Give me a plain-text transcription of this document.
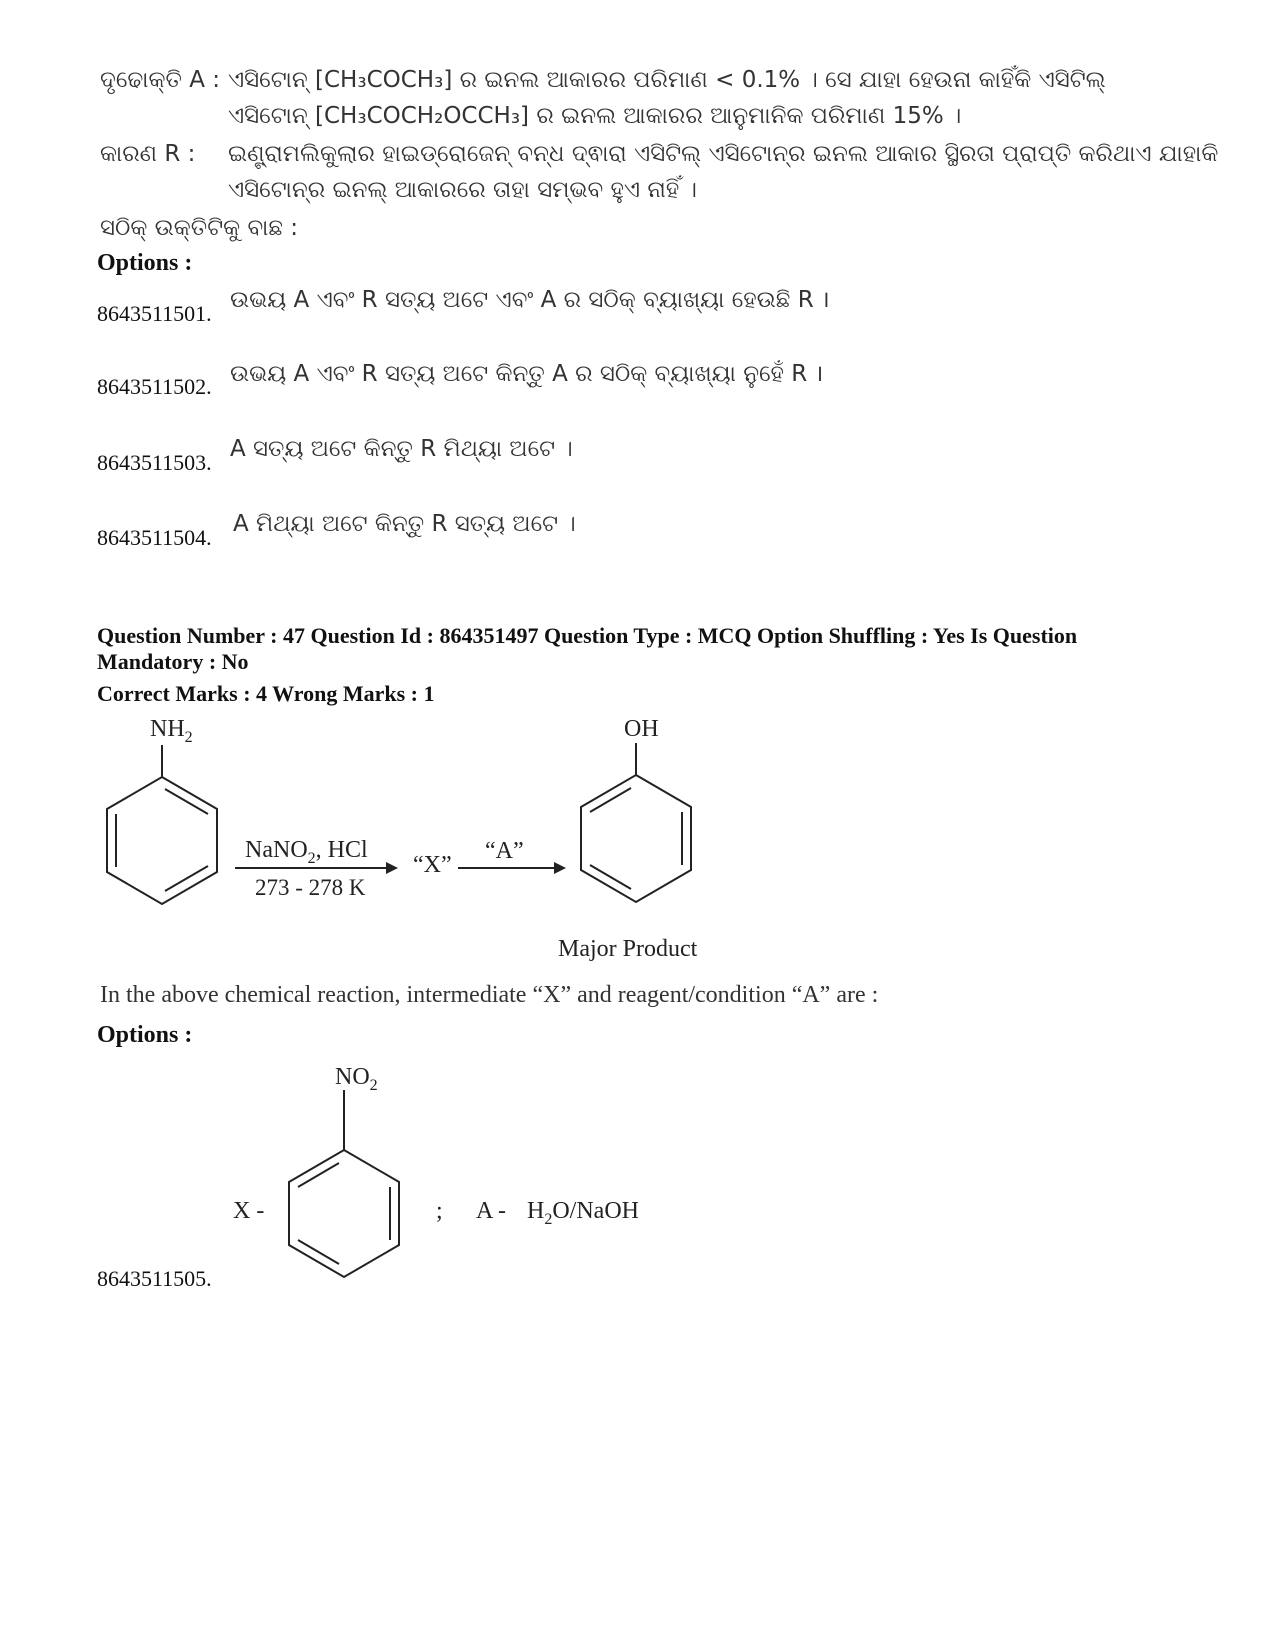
ଦୃଢୋକ୍ତି A : ଏସିଟୋନ୍ [CH₃COCH₃] ର ଇନଲ ଆକାରର ପରିମାଣ < 0.1% । ସେ ଯାହା ହେଉନା କାହିଁକି ଏସିଟିଲ୍
ଏସିଟୋନ୍ [CH₃COCH₂OCCH₃] ର ଇନଲ ଆକାରର ଆନୁମାନିକ ପରିମାଣ 15% ।
କାରଣ R : ଇଣ୍ଟ୍ରାମଲିକୁଲାର ହାଇଡ୍ରୋଜେନ୍ ବନ୍ଧ ଦ୍ଵାରା ଏସିଟିଲ୍ ଏସିଟୋନ୍‌ର ଇନଲ ଆକାର ସ୍ଥିରତା ପ୍ରାପ୍ତି କରିଥାଏ ଯାହାକି
ଏସିଟୋନ୍‌ର ଇନଲ୍ ଆକାରରେ ତାହା ସମ୍ଭବ ହୁଏ ନାହିଁ ।
ସଠିକ୍ ଉକ୍ତିଟିକୁ ବାଛ :
Options :
8643511501.
ଉଭୟ A ଏବଂ R ସତ୍ୟ ଅଟେ ଏବଂ A ର ସଠିକ୍ ବ୍ୟାଖ୍ୟା ହେଉଛି R ।
8643511502. ଉଭୟ A ଏବଂ R ସତ୍ୟ ଅଟେ କିନ୍ତୁ A ର ସଠିକ୍ ବ୍ୟାଖ୍ୟା ନୁହେଁ R ।
8643511503.
A ସତ୍ୟ ଅଟେ କିନ୍ତୁ R ମିଥ୍ୟା ଅଟେ ।
8643511504.
A ମିଥ୍ୟା ଅଟେ କିନ୍ତୁ R ସତ୍ୟ ଅଟେ ।
Question Number : 47 Question Id : 864351497 Question Type : MCQ Option Shuffling : Yes Is Question
Mandatory : No
Correct Marks : 4 Wrong Marks : 1
$NH_2$
NaNO$_2$, HCl
273 - 278 K
“X”
“A”
OH
Major Product
$NO_2$
X -	; A - $H_2O$/NaOH
In the above chemical reaction, intermediate “X” and reagent/condition “A” are :
Options :
8643511505.
